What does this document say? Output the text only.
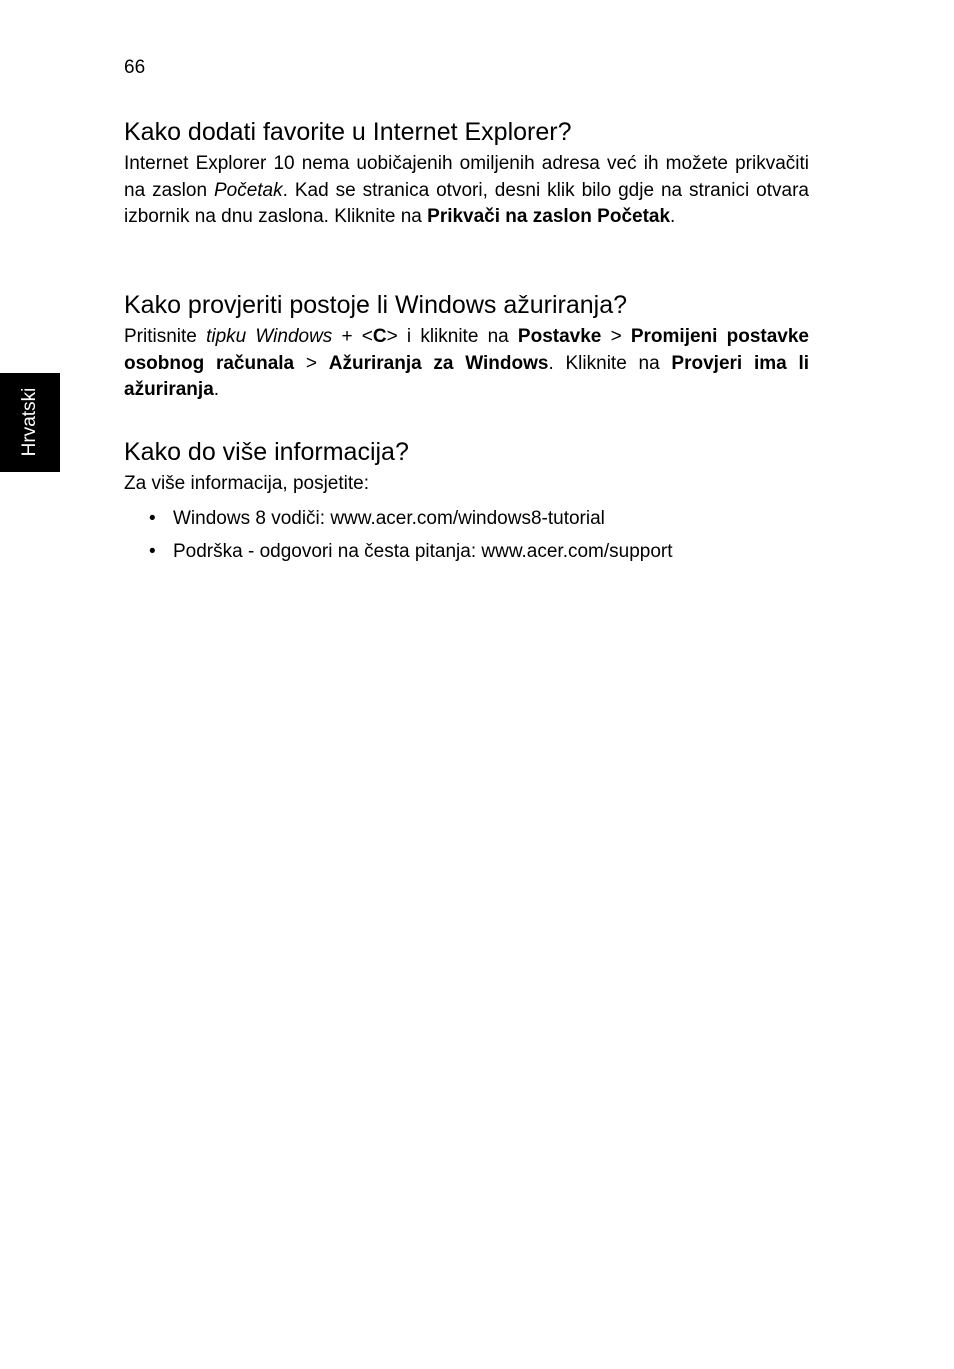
66
Hrvatski
Kako dodati favorite u Internet Explorer?

Internet Explorer 10 nema uobičajenih omiljenih adresa već ih možete prikvačiti na zaslon Početak. Kad se stranica otvori, desni klik bilo gdje na stranici otvara izbornik na dnu zaslona. Kliknite na Prikvači na zaslon Početak.

Kako provjeriti postoje li Windows ažuriranja?

Pritisnite tipku Windows + <C> i kliknite na Postavke > Promijeni postavke osobnog računala > Ažuriranja za Windows. Kliknite na Provjeri ima li ažuriranja.

Kako do više informacija?

Za više informacija, posjetite:

• Windows 8 vodiči: www.acer.com/windows8-tutorial
• Podrška - odgovori na česta pitanja: www.acer.com/support
